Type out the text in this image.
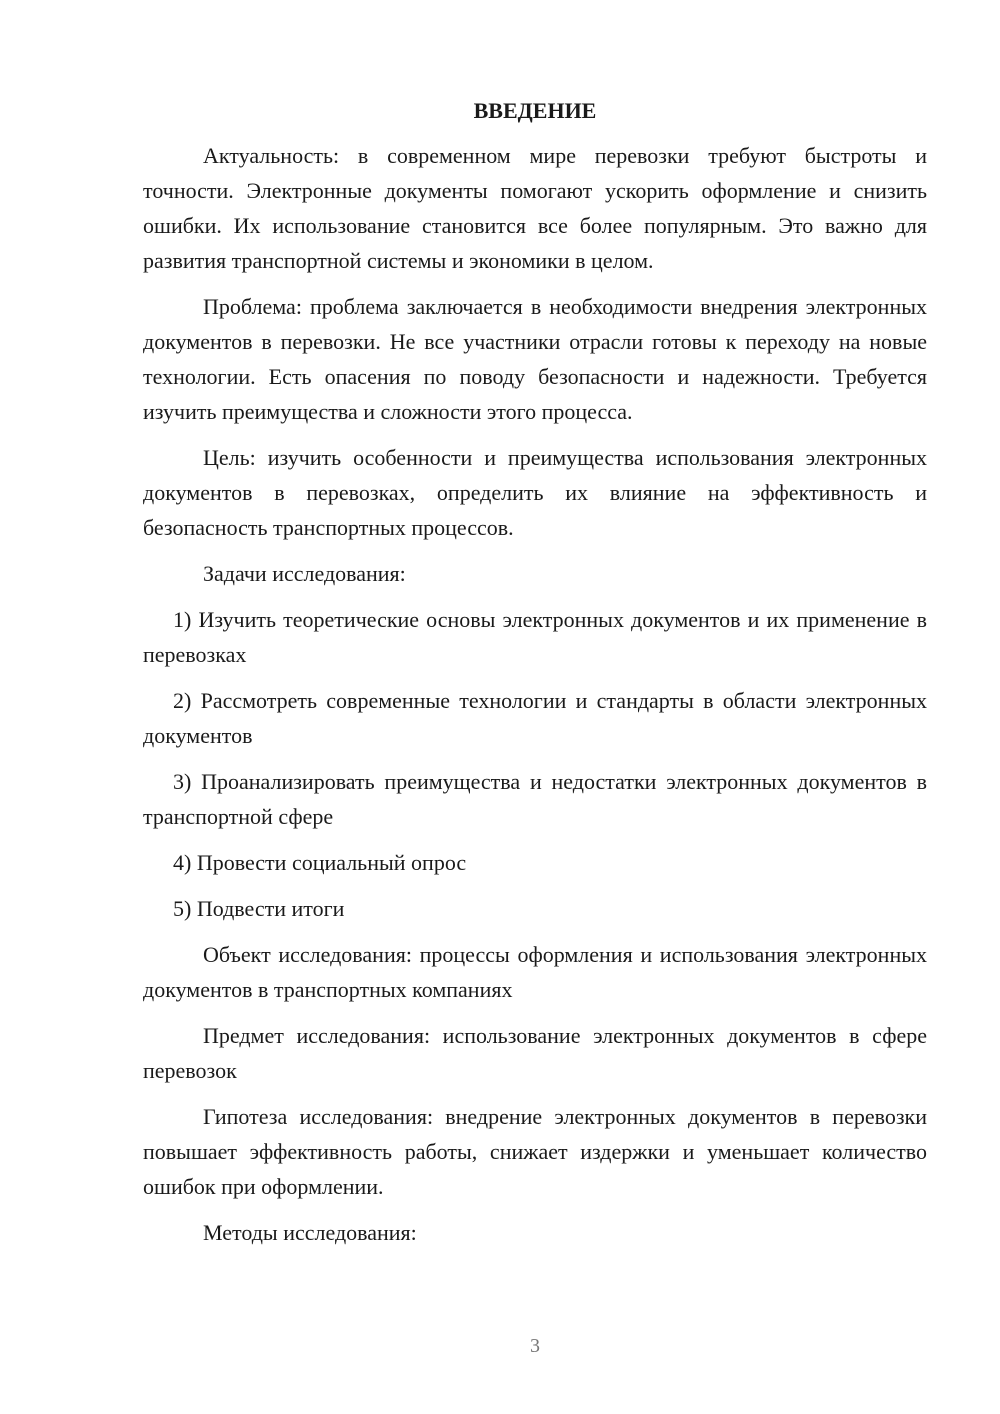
ВВЕДЕНИЕ

Актуальность: в современном мире перевозки требуют быстроты и точности. Электронные документы помогают ускорить оформление и снизить ошибки. Их использование становится все более популярным. Это важно для развития транспортной системы и экономики в целом.

Проблема: проблема заключается в необходимости внедрения электронных документов в перевозки. Не все участники отрасли готовы к переходу на новые технологии. Есть опасения по поводу безопасности и надежности. Требуется изучить преимущества и сложности этого процесса.

Цель: изучить особенности и преимущества использования электронных документов в перевозках, определить их влияние на эффективность и безопасность транспортных процессов.

Задачи исследования:

1) Изучить теоретические основы электронных документов и их применение в перевозках

2) Рассмотреть современные технологии и стандарты в области электронных документов

3) Проанализировать преимущества и недостатки электронных документов в транспортной сфере

4) Провести социальный опрос

5) Подвести итоги

Объект исследования: процессы оформления и использования электронных документов в транспортных компаниях

Предмет исследования: использование электронных документов в сфере перевозок

Гипотеза исследования: внедрение электронных документов в перевозки повышает эффективность работы, снижает издержки и уменьшает количество ошибок при оформлении.

Методы исследования:

3
